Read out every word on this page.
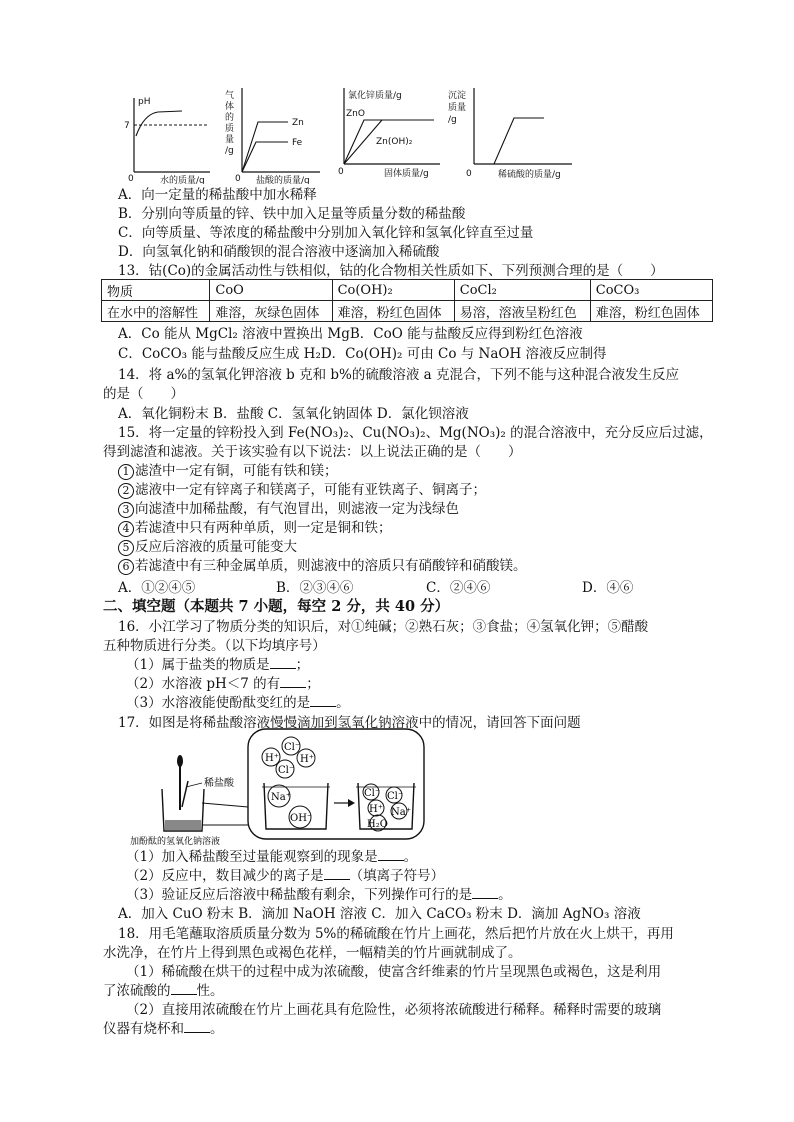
pH
7
0	水的质量/g
气
体
的
质
量
/g
Zn
Fe
0 盐酸的质量/g
氯化锌质量/g
ZnO
Zn(OH)₂
0	固体质量/g
沉淀
质量
/g
0	稀硫酸的质量/g
A．向一定量的稀盐酸中加水稀释
B．分别向等质量的锌、铁中加入足量等质量分数的稀盐酸
C．向等质量、等浓度的稀盐酸中分别加入氧化锌和氢氧化锌直至过量
D．向氢氧化钠和硝酸钡的混合溶液中逐滴加入稀硫酸
13．钴(Co)的金属活动性与铁相似，钴的化合物相关性质如下、下列预测合理的是（　　）
物质	CoO	Co(OH)₂	CoCl₂	CoCO₃
在水中的溶解性	难溶，灰绿色固体	难溶，粉红色固体	易溶，溶液呈粉红色	难溶，粉红色固体
A．Co 能从 MgCl₂ 溶液中置换出 MgB．CoO 能与盐酸反应得到粉红色溶液
C．CoCO₃ 能与盐酸反应生成 H₂D．Co(OH)₂ 可由 Co 与 NaOH 溶液反应制得
14．将 a%的氢氧化钾溶液 b 克和 b%的硫酸溶液 a 克混合，下列不能与这种混合液发生反应
的是（　　）
A．氧化铜粉末 B．盐酸 C．氢氧化钠固体 D．氯化钡溶液
15．将一定量的锌粉投入到 Fe(NO₃)₂、Cu(NO₃)₂、Mg(NO₃)₂ 的混合溶液中，充分反应后过滤，
得到滤渣和滤液。关于该实验有以下说法：以上说法正确的是（　　）
1 滤渣中一定有铜，可能有铁和镁；
2 滤液中一定有锌离子和镁离子，可能有亚铁离子、铜离子；
3 向滤渣中加稀盐酸，有气泡冒出，则滤液一定为浅绿色
4 若滤渣中只有两种单质，则一定是铜和铁；
5 反应后溶液的质量可能变大
6 若滤渣中有三种金属单质，则滤液中的溶质只有硝酸锌和硝酸镁。
A．①②④⑤	B．②③④⑥	C．②④⑥	D．④⑥
二、填空题（本题共 7 小题，每空 2 分，共 40 分）
16．小江学习了物质分类的知识后，对①纯碱；②熟石灰；③食盐；④氢氧化钾；⑤醋酸
五种物质进行分类。（以下均填序号）
（1）属于盐类的物质是 ；
（2）水溶液 pH＜7 的有 ；
（3）水溶液能使酚酞变红的是 。
17．如图是将稀盐酸溶液慢慢滴加到氢氧化钠溶液中的情况，请回答下面问题
稀盐酸
加酚酞的氢氧化钠溶液
Cl⁻
H⁺ H⁺
Cl⁻
Na⁺
OH⁻
Cl⁻ Cl⁻
H⁺ Na⁺
H₂O
（1）加入稀盐酸至过量能观察到的现象是 。
（2）反应中，数目减少的离子是 （填离子符号）
（3）验证反应后溶液中稀盐酸有剩余，下列操作可行的是 。
A．加入 CuO 粉末 B．滴加 NaOH 溶液 C．加入 CaCO₃ 粉末 D．滴加 AgNO₃ 溶液
18．用毛笔蘸取溶质质量分数为 5%的稀硫酸在竹片上画花，然后把竹片放在火上烘干，再用
水洗净，在竹片上得到黑色或褐色花样，一幅精美的竹片画就制成了。
（1）稀硫酸在烘干的过程中成为浓硫酸，使富含纤维素的竹片呈现黑色或褐色，这是利用
了浓硫酸的 性。
（2）直接用浓硫酸在竹片上画花具有危险性，必须将浓硫酸进行稀释。稀释时需要的玻璃
仪器有烧杯和 。
